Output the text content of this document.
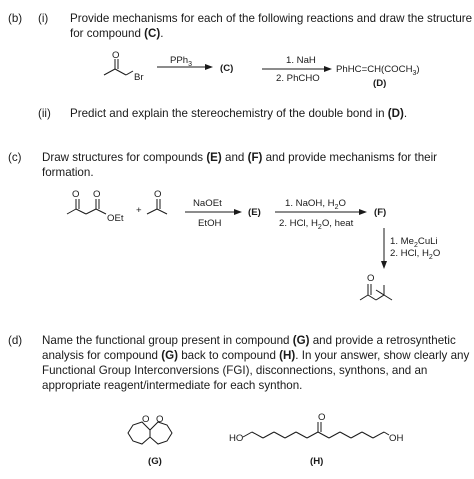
(b) (i) Provide mechanisms for each of the following reactions and draw the structure
for compound (C).
O
Br
PPh$_3$	(C)
1. NaH
2. PhCHO
$PhHC=CH(COCH_3)$
(D)
(ii) Predict and explain the stereochemistry of the double bond in (D).
(c) Draw structures for compounds (E) and (F) and provide mechanisms for their
formation.
O O
OEt
+
O
NaOEt
EtOH
(E)
1. NaOH, $H_2O$
2. HCl, $H_2O$, heat
(F)
1. $Me_2CuLi$
2. HCl, $H_2O$
O
(d) Name the functional group present in compound (G) and provide a retrosynthetic
analysis for compound (G) back to compound (H). In your answer, show clearly any
Functional Group Interconversions (FGI), disconnections, synthons, and an
appropriate reagent/intermediate for each synthon.
O O
(G)
HO
O
OH
(H)
